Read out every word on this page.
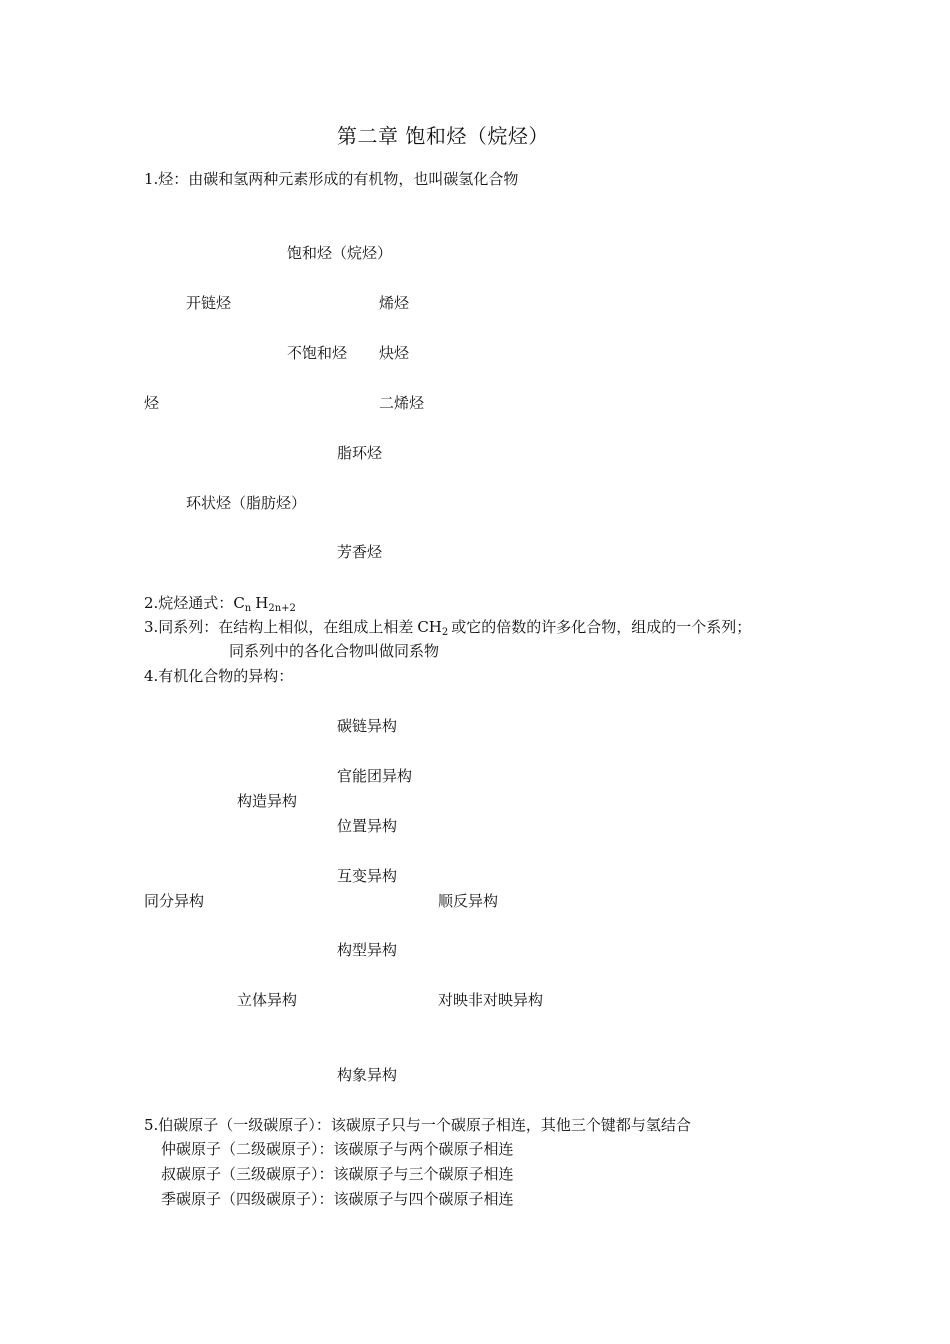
第二章 饱和烃（烷烃）
1.烃：由碳和氢两种元素形成的有机物，也叫碳氢化合物
饱和烃（烷烃）
开链烃	烯烃
不饱和烃 炔烃
烃	二烯烃
脂环烃
环状烃（脂肪烃）
芳香烃
2.烷烃通式：$C_n$ $H_{2n+2}$
3.同系列：在结构上相似，在组成上相差 $CH_2$ 或它的倍数的许多化合物，组成的一个系列；
同系列中的各化合物叫做同系物
4.有机化合物的异构：
碳链异构
官能团异构
构造异构
位置异构
互变异构
同分异构	顺反异构
构型异构
立体异构	对映非对映异构
构象异构
5.伯碳原子（一级碳原子）：该碳原子只与一个碳原子相连，其他三个键都与氢结合
仲碳原子（二级碳原子）：该碳原子与两个碳原子相连
叔碳原子（三级碳原子）：该碳原子与三个碳原子相连
季碳原子（四级碳原子）：该碳原子与四个碳原子相连
